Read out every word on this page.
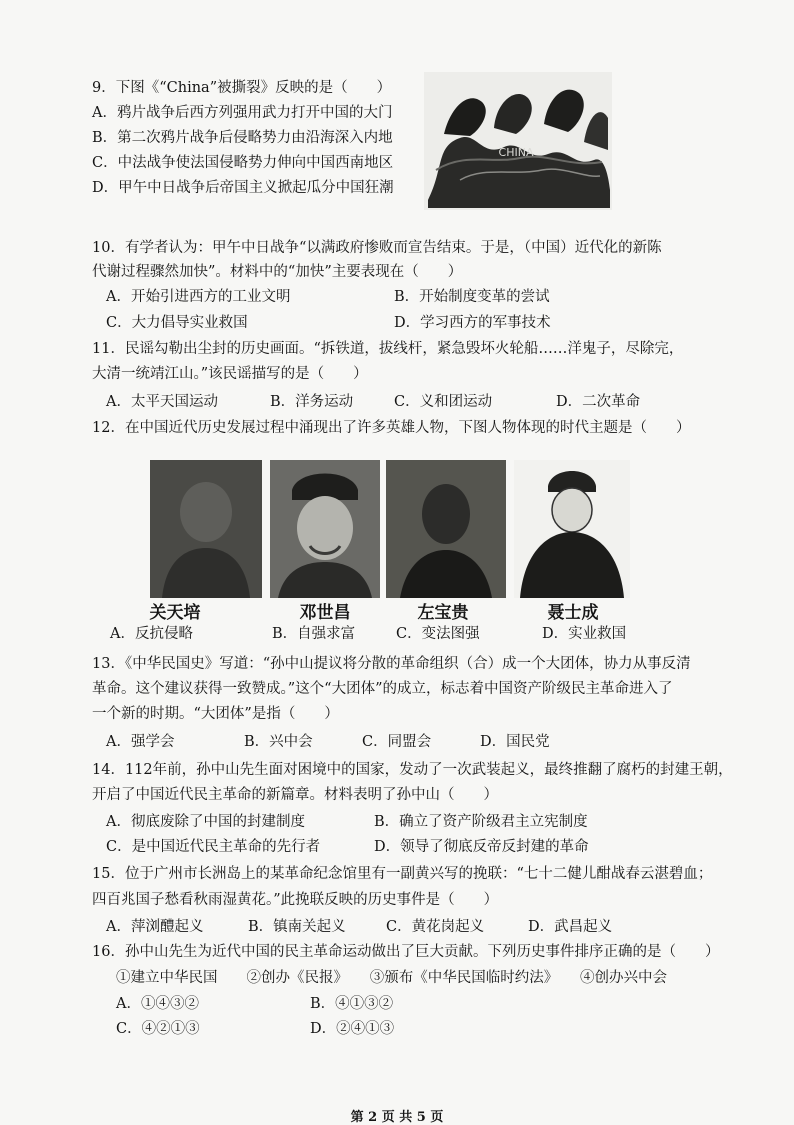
9．下图《“China”被撕裂》反映的是（　　）
A．鸦片战争后西方列强用武力打开中国的大门
B．第二次鸦片战争后侵略势力由沿海深入内地
C．中法战争使法国侵略势力伸向中国西南地区
D．甲午中日战争后帝国主义掀起瓜分中国狂潮
CHINA
10．有学者认为：甲午中日战争“以满政府惨败而宣告结束。于是，（中国）近代化的新陈
代谢过程骤然加快”。材料中的“加快”主要表现在（　　）
A．开始引进西方的工业文明	B．开始制度变革的尝试
C．大力倡导实业救国	D．学习西方的军事技术
11．民谣勾勒出尘封的历史画面。“拆铁道，拔线杆，紧急毁坏火轮船……洋鬼子，尽除完，
大清一统靖江山。”该民谣描写的是（　　）
A．太平天国运动	B．洋务运动	C．义和团运动	D．二次革命
12．在中国近代历史发展过程中涌现出了许多英雄人物，下图人物体现的时代主题是（　　）
关天培	邓世昌	左宝贵	聂士成
A．反抗侵略	B．自强求富	C．变法图强	D．实业救国
13．《中华民国史》写道：“孙中山提议将分散的革命组织（合）成一个大团体，协力从事反清
革命。这个建议获得一致赞成。”这个“大团体”的成立，标志着中国资产阶级民主革命进入了
一个新的时期。“大团体”是指（　　）
A．强学会	B．兴中会	C．同盟会	D．国民党
14．112年前，孙中山先生面对困境中的国家，发动了一次武装起义，最终推翻了腐朽的封建王朝，
开启了中国近代民主革命的新篇章。材料表明了孙中山（　　）
A．彻底废除了中国的封建制度	B．确立了资产阶级君主立宪制度
C．是中国近代民主革命的先行者	D．领导了彻底反帝反封建的革命
15．位于广州市长洲岛上的某革命纪念馆里有一副黄兴写的挽联：“七十二健儿酣战春云湛碧血；
四百兆国子愁看秋雨湿黄花。”此挽联反映的历史事件是（　　）
A．萍浏醴起义	B．镇南关起义	C．黄花岗起义	D．武昌起义
16．孙中山先生为近代中国的民主革命运动做出了巨大贡献。下列历史事件排序正确的是（　　）
①建立中华民国　　②创办《民报》　　③颁布《中华民国临时约法》　　④创办兴中会
A．①④③②	B．④①③②
C．④②①③	D．②④①③
第 2 页 共 5 页
